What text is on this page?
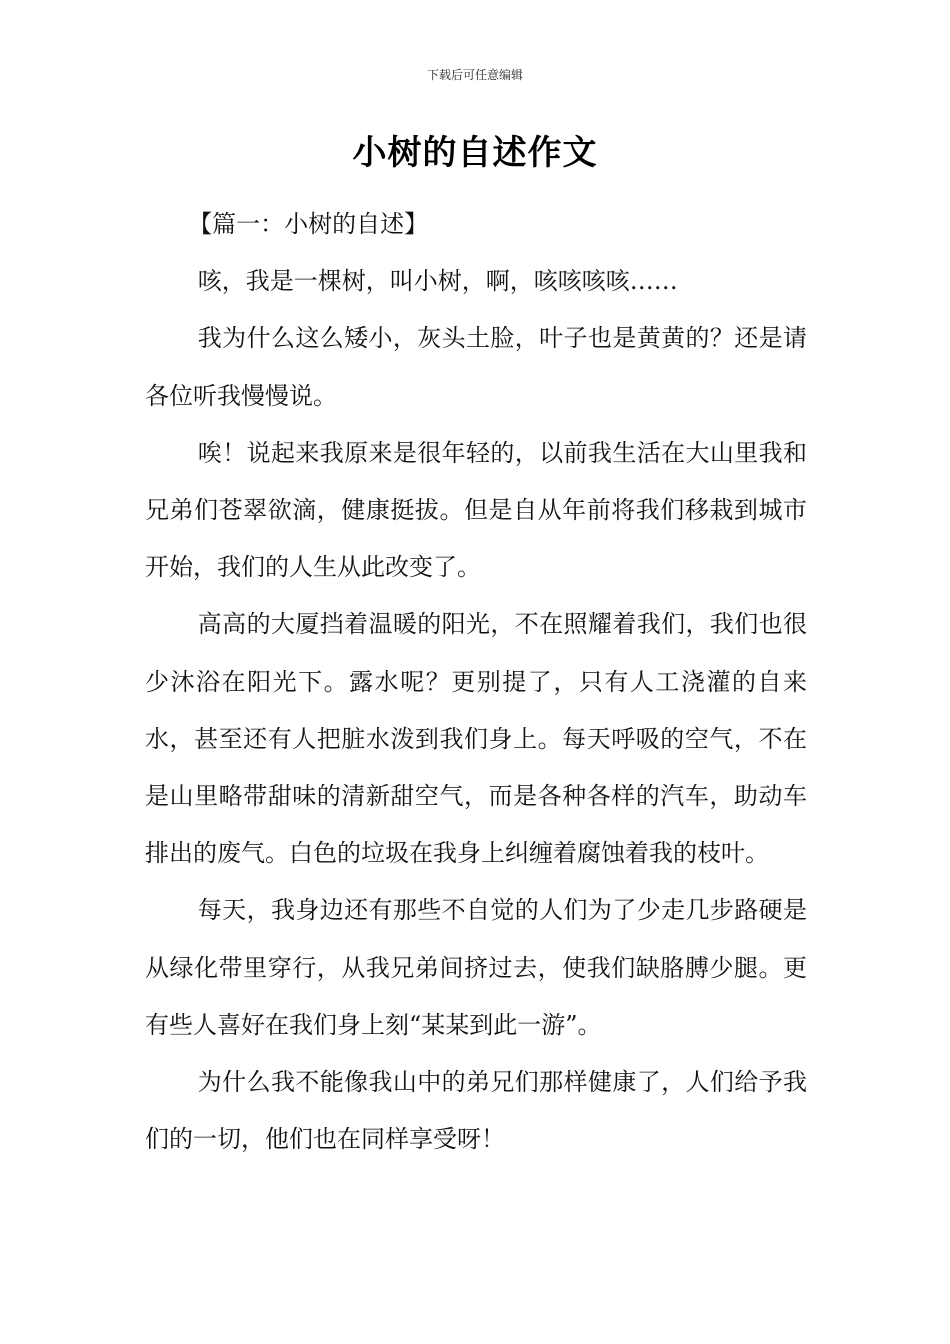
下载后可任意编辑
小树的自述作文

【篇一：小树的自述】

咳，我是一棵树，叫小树，啊，咳咳咳咳……

我为什么这么矮小，灰头土脸，叶子也是黄黄的？还是请各位听我慢慢说。

唉！说起来我原来是很年轻的，以前我生活在大山里我和兄弟们苍翠欲滴，健康挺拔。但是自从年前将我们移栽到城市开始，我们的人生从此改变了。

高高的大厦挡着温暖的阳光，不在照耀着我们，我们也很少沐浴在阳光下。露水呢？更别提了，只有人工浇灌的自来水，甚至还有人把脏水泼到我们身上。每天呼吸的空气，不在是山里略带甜味的清新甜空气，而是各种各样的汽车，助动车排出的废气。白色的垃圾在我身上纠缠着腐蚀着我的枝叶。

每天，我身边还有那些不自觉的人们为了少走几步路硬是从绿化带里穿行，从我兄弟间挤过去，使我们缺胳膊少腿。更有些人喜好在我们身上刻“某某到此一游”。

为什么我不能像我山中的弟兄们那样健康了，人们给予我们的一切，他们也在同样享受呀！
